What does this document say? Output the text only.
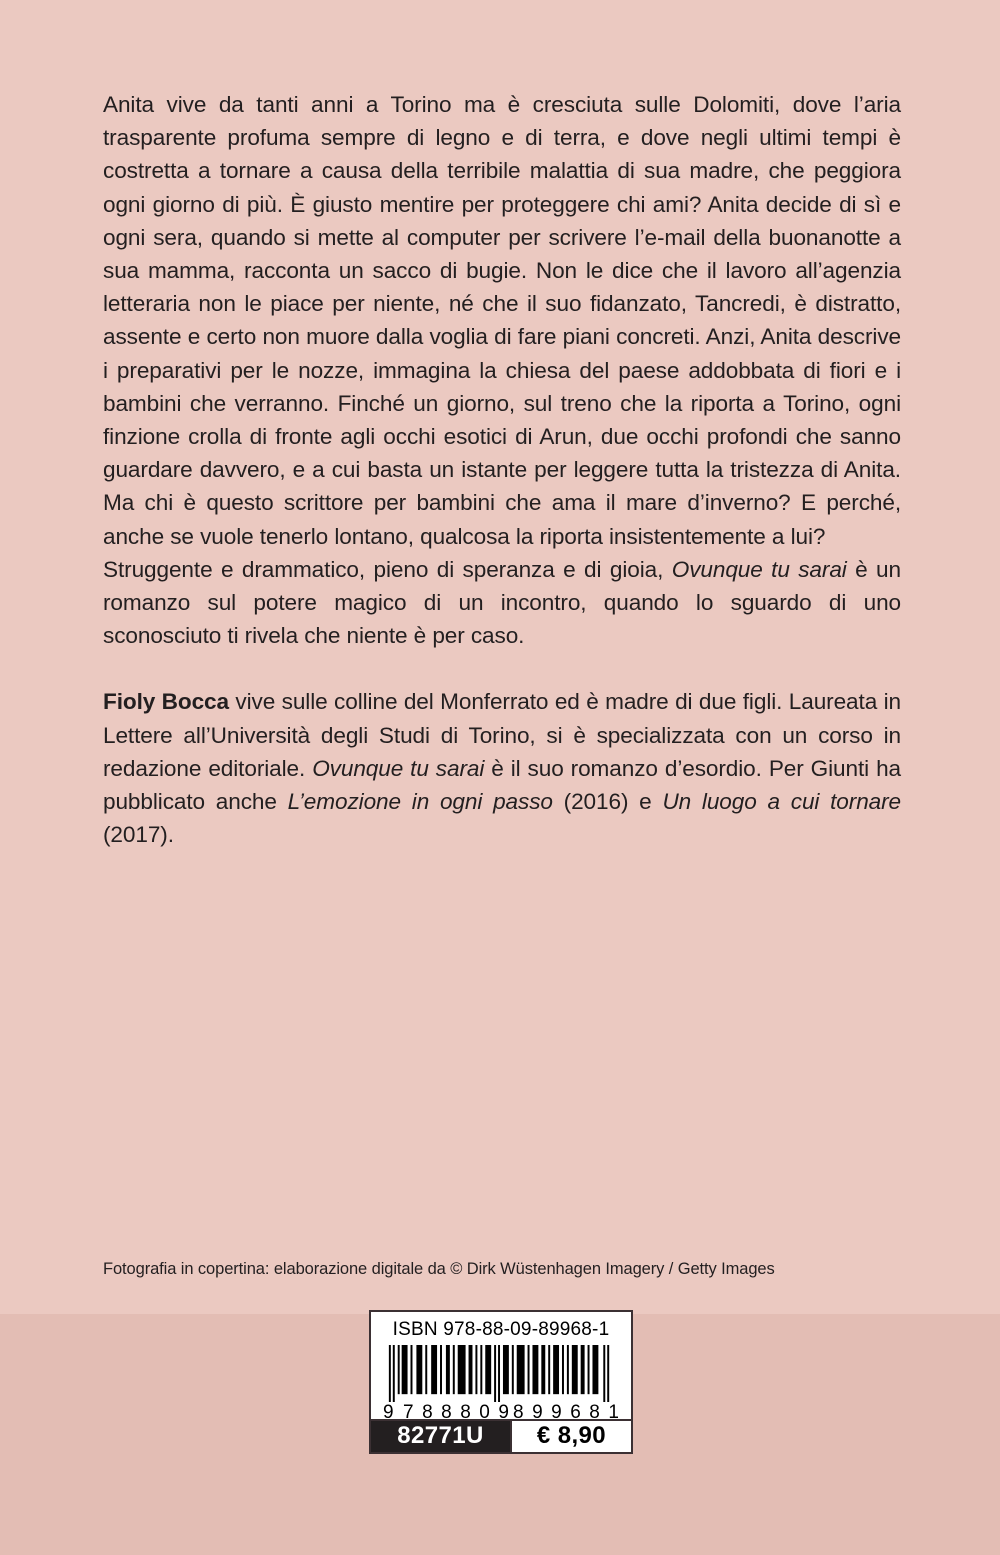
Anita vive da tanti anni a Torino ma è cresciuta sulle Dolomiti, dove l’aria trasparente profuma sempre di legno e di terra, e dove negli ultimi tempi è costretta a tornare a causa della terribile malattia di sua madre, che peggiora ogni giorno di più. È giusto mentire per proteggere chi ami? Anita decide di sì e ogni sera, quando si mette al computer per scrivere l’e-mail della buonanotte a sua mamma, racconta un sacco di bugie. Non le dice che il lavoro all’agenzia letteraria non le piace per niente, né che il suo fidanzato, Tancredi, è distratto, assente e certo non muore dalla voglia di fare piani concreti. Anzi, Anita descrive i preparativi per le nozze, immagina la chiesa del paese addobbata di fiori e i bambini che verranno. Finché un giorno, sul treno che la riporta a Torino, ogni finzione crolla di fronte agli occhi esotici di Arun, due occhi profondi che sanno guardare davvero, e a cui basta un istante per leggere tutta la tristezza di Anita. Ma chi è questo scrittore per bambini che ama il mare d’inverno? E perché, anche se vuole tenerlo lontano, qualcosa la riporta insistentemente a lui?

Struggente e drammatico, pieno di speranza e di gioia, Ovunque tu sarai è un romanzo sul potere magico di un incontro, quando lo sguardo di uno sconosciuto ti rivela che niente è per caso.

Fioly Bocca vive sulle colline del Monferrato ed è madre di due figli. Laureata in Lettere all’Università degli Studi di Torino, si è specializzata con un corso in redazione editoriale. Ovunque tu sarai è il suo romanzo d’esordio. Per Giunti ha pubblicato anche L’emozione in ogni passo (2016) e Un luogo a cui tornare (2017).

Fotografia in copertina: elaborazione digitale da © Dirk Wüstenhagen Imagery / Getty Images
ISBN 978-88-09-89968-1
9 788809
899681
82771U	€ 8,90
